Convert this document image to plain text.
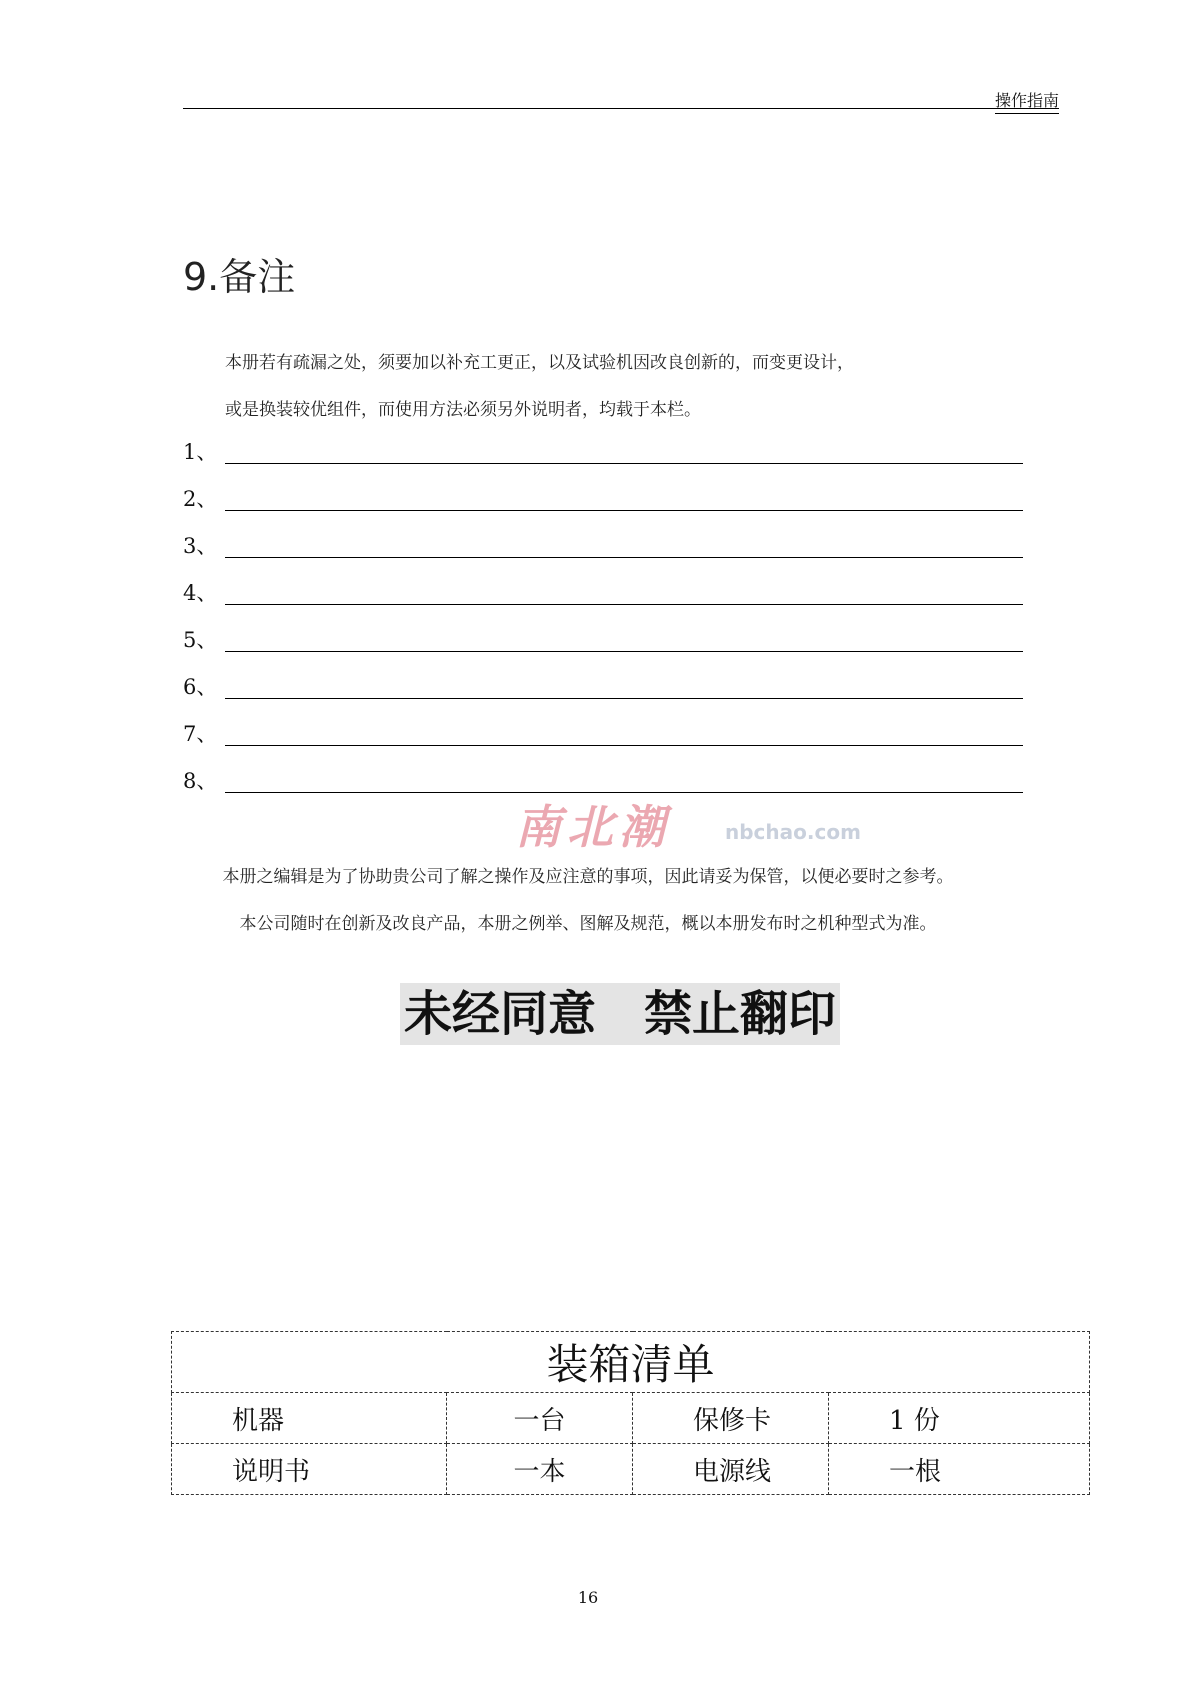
操作指南
9.备注
本册若有疏漏之处，须要加以补充工更正，以及试验机因改良创新的，而变更设计，
或是换装较优组件，而使用方法必须另外说明者，均载于本栏。
1、
2、
3、
4、
5、
6、
7、
8、
南北潮	nbchao.com
本册之编辑是为了协助贵公司了解之操作及应注意的事项，因此请妥为保管，以便必要时之参考。
本公司随时在创新及改良产品，本册之例举、图解及规范，概以本册发布时之机种型式为准。
未经同意　禁止翻印
装箱清单			
机器	一台	保修卡	1 份
说明书	一本	电源线	一根
16
